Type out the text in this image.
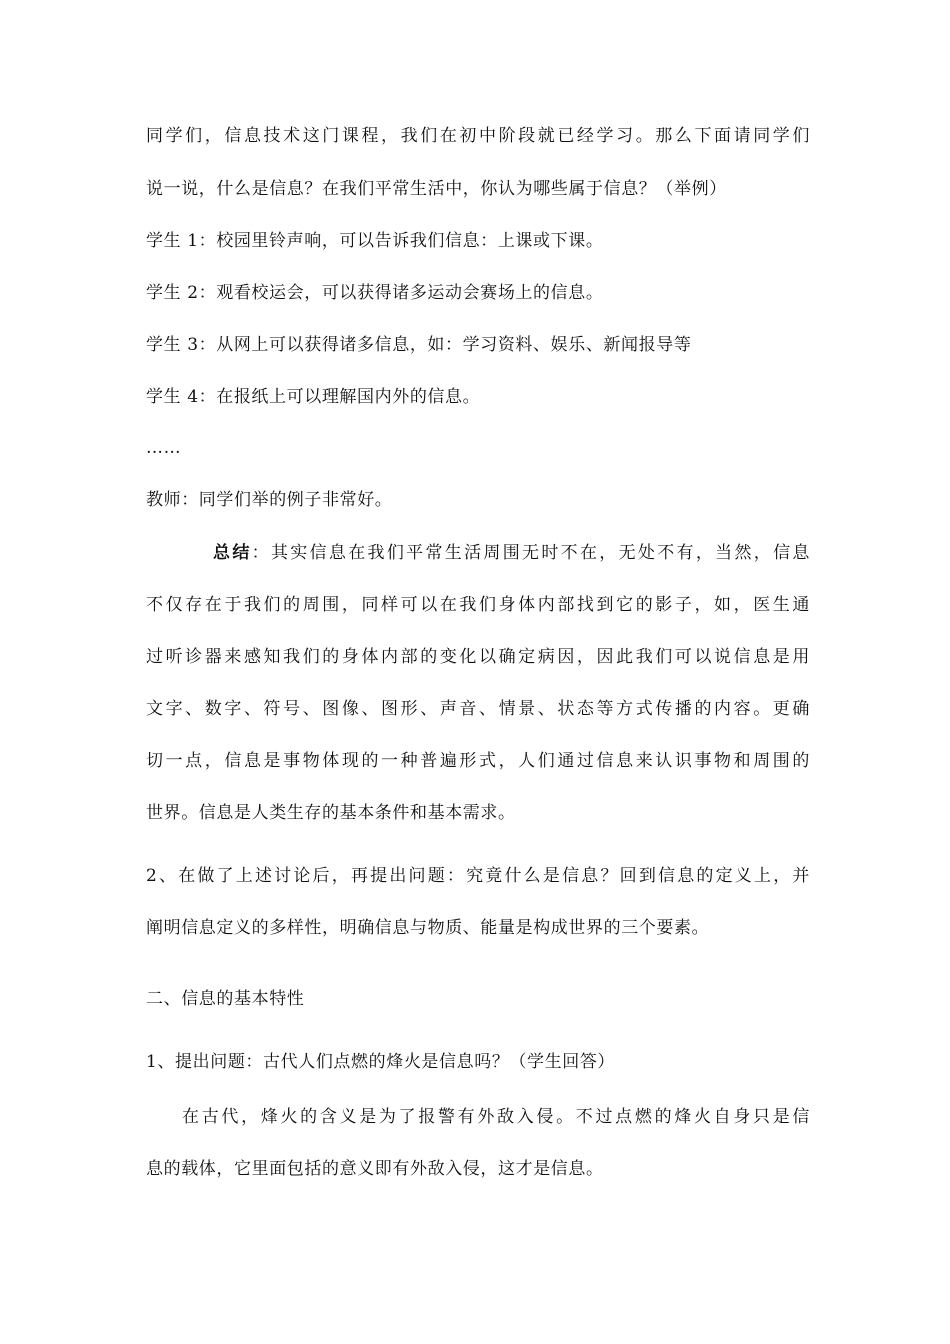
同学们，信息技术这门课程，我们在初中阶段就已经学习。那么下面请同学们
说一说，什么是信息？在我们平常生活中，你认为哪些属于信息？（举例）
学生 1：校园里铃声响，可以告诉我们信息：上课或下课。
学生 2：观看校运会，可以获得诸多运动会赛场上的信息。
学生 3：从网上可以获得诸多信息，如：学习资料、娱乐、新闻报导等
学生 4：在报纸上可以理解国内外的信息。
……
教师：同学们举的例子非常好。
总结：其实信息在我们平常生活周围无时不在，无处不有，当然，信息
不仅存在于我们的周围，同样可以在我们身体内部找到它的影子，如，医生通
过听诊器来感知我们的身体内部的变化以确定病因，因此我们可以说信息是用
文字、数字、符号、图像、图形、声音、情景、状态等方式传播的内容。更确
切一点，信息是事物体现的一种普遍形式，人们通过信息来认识事物和周围的
世界。信息是人类生存的基本条件和基本需求。
2、在做了上述讨论后，再提出问题：究竟什么是信息？回到信息的定义上，并
阐明信息定义的多样性，明确信息与物质、能量是构成世界的三个要素。
二、信息的基本特性
1、提出问题：古代人们点燃的烽火是信息吗？（学生回答）
在古代，烽火的含义是为了报警有外敌入侵。不过点燃的烽火自身只是信
息的载体，它里面包括的意义即有外敌入侵，这才是信息。
